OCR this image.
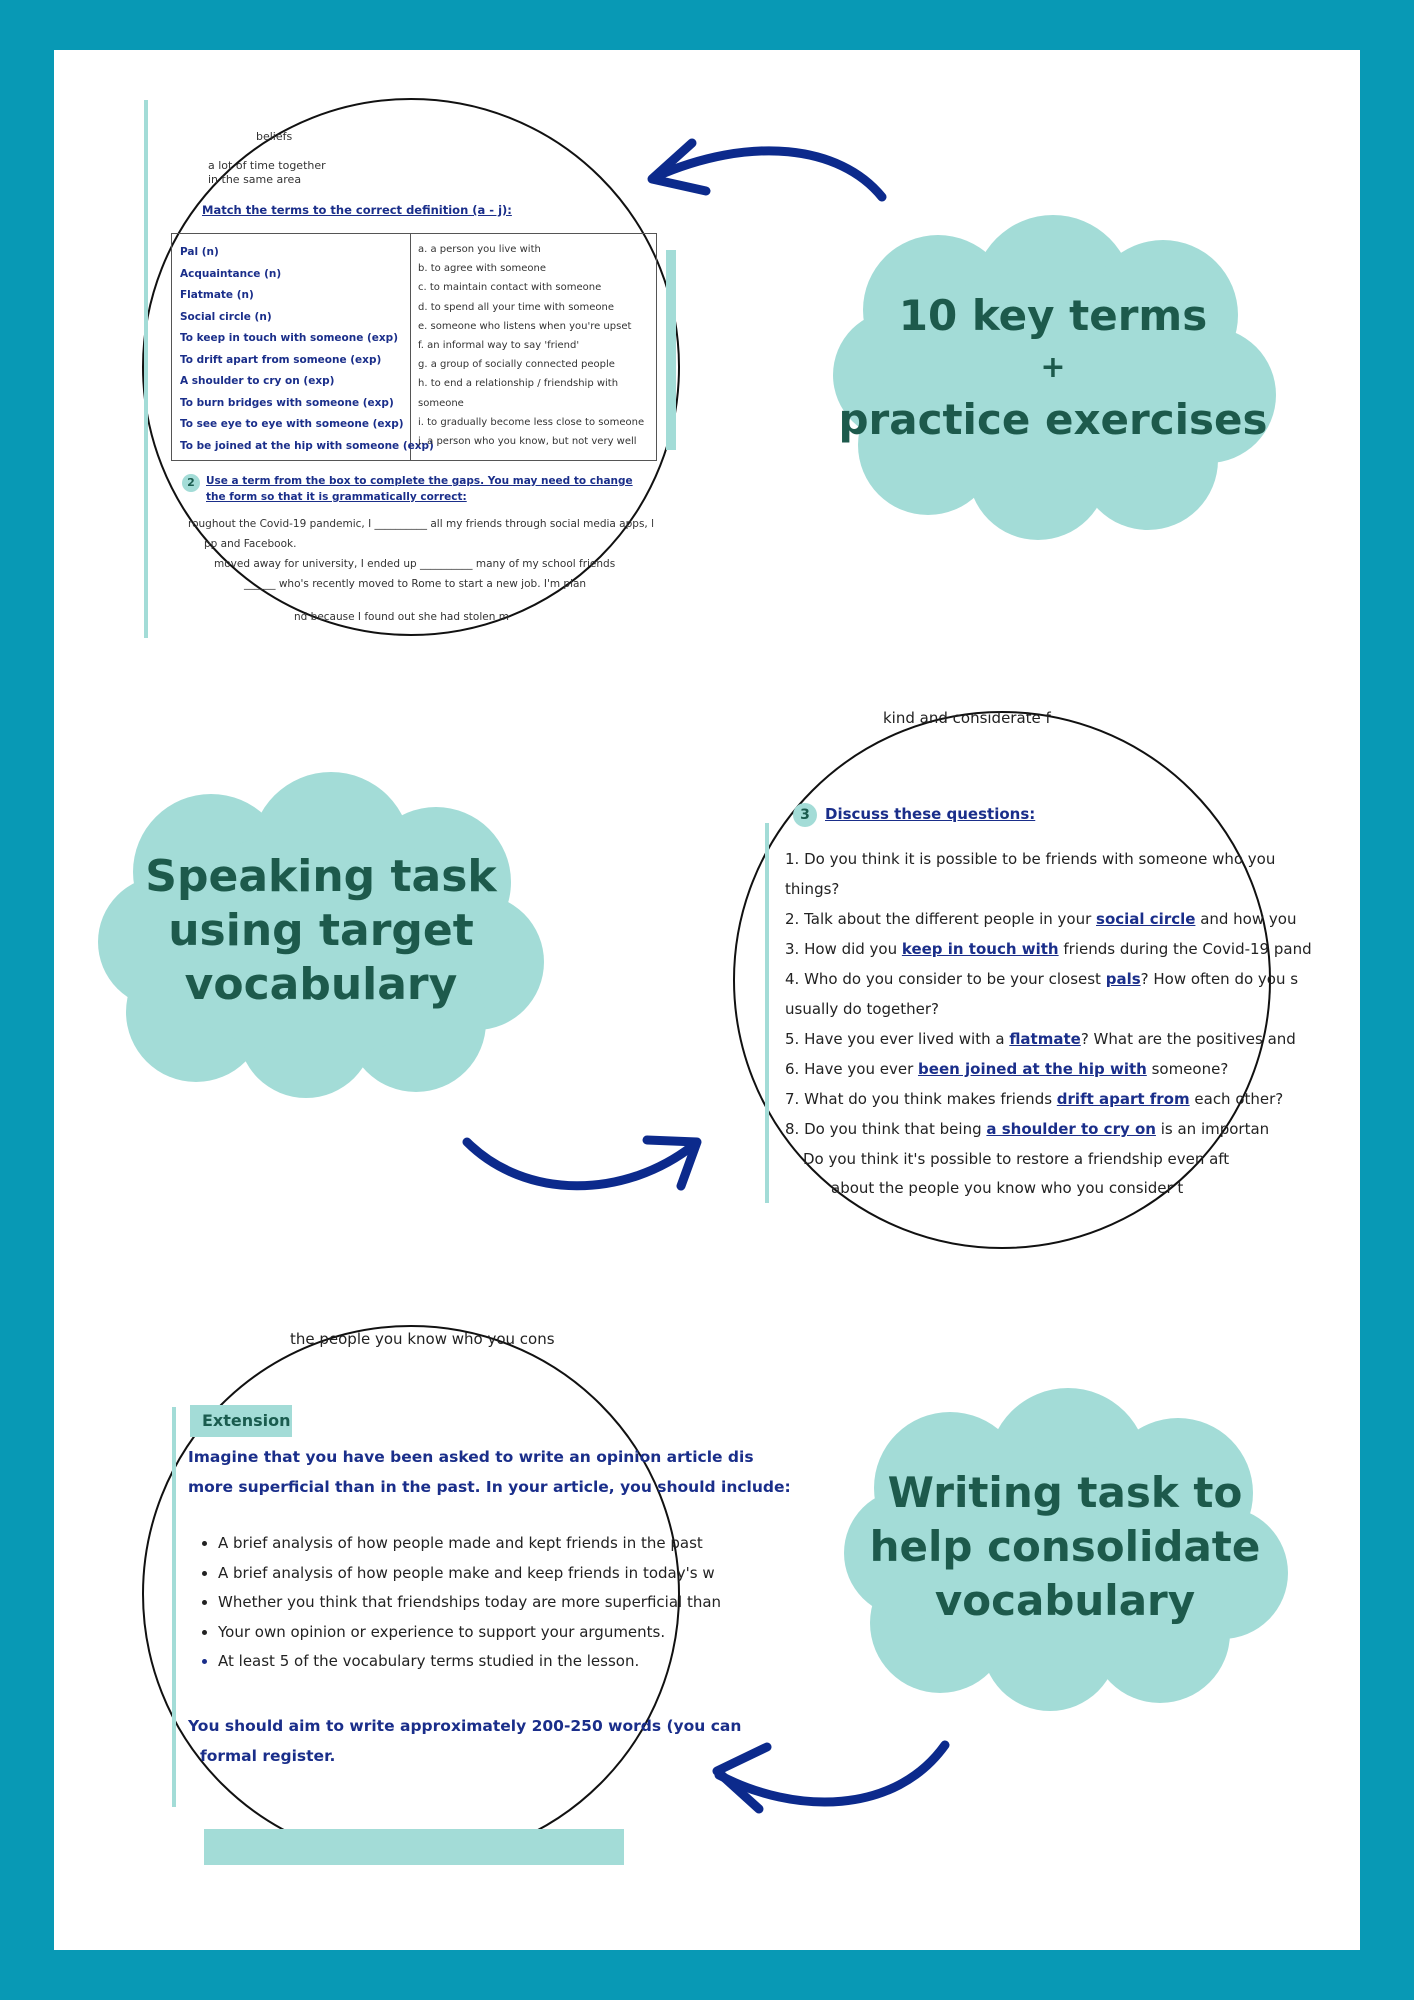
beliefs
a lot of time together
in the same area
Match the terms to the correct definition (a - j):
Pal (n)
Acquaintance (n)
Flatmate (n)
Social circle (n)
To keep in touch with someone (exp)
To drift apart from someone (exp)
A shoulder to cry on (exp)
To burn bridges with someone (exp)
To see eye to eye with someone (exp)
To be joined at the hip with someone (exp)
a. a person you live with
b. to agree with someone
c. to maintain contact with someone
d. to spend all your time with someone
e. someone who listens when you're upset
f. an informal way to say 'friend'
g. a group of socially connected people
h. to end a relationship / friendship with someone
i. to gradually become less close to someone
j. a person who you know, but not very well
2	Use a term from the box to complete the gaps. You may need to change the form so that it is grammatically correct:
roughout the Covid-19 pandemic, I __________ all my friends through social media apps, l
pp and Facebook.
moved away for university, I ended up __________ many of my school friends
______ who's recently moved to Rome to start a new job. I'm plan
nd because I found out she had stolen m
kind and considerate f
3	Discuss these questions:
1. Do you think it is possible to be friends with someone who you
things?
2. Talk about the different people in your social circle and how you
3. How did you keep in touch with friends during the Covid-19 pand
4. Who do you consider to be your closest pals? How often do you s
usually do together?
5. Have you ever lived with a flatmate? What are the positives and
6. Have you ever been joined at the hip with someone?
7. What do you think makes friends drift apart from each other?
8. Do you think that being a shoulder to cry on is an importan
Do you think it's possible to restore a friendship even aft
about the people you know who you consider t
the people you know who you cons
Extension
Imagine that you have been asked to write an opinion article dis
more superficial than in the past. In your article, you should include:
• A brief analysis of how people made and kept friends in the past
• A brief analysis of how people make and keep friends in today's w
• Whether you think that friendships today are more superficial than
• Your own opinion or experience to support your arguments.
• At least 5 of the vocabulary terms studied in the lesson.
You should aim to write approximately 200-250 words (you can
formal register.
10 key terms
+
practice exercises
Speaking task
using target
vocabulary
Writing task to
help consolidate
vocabulary
